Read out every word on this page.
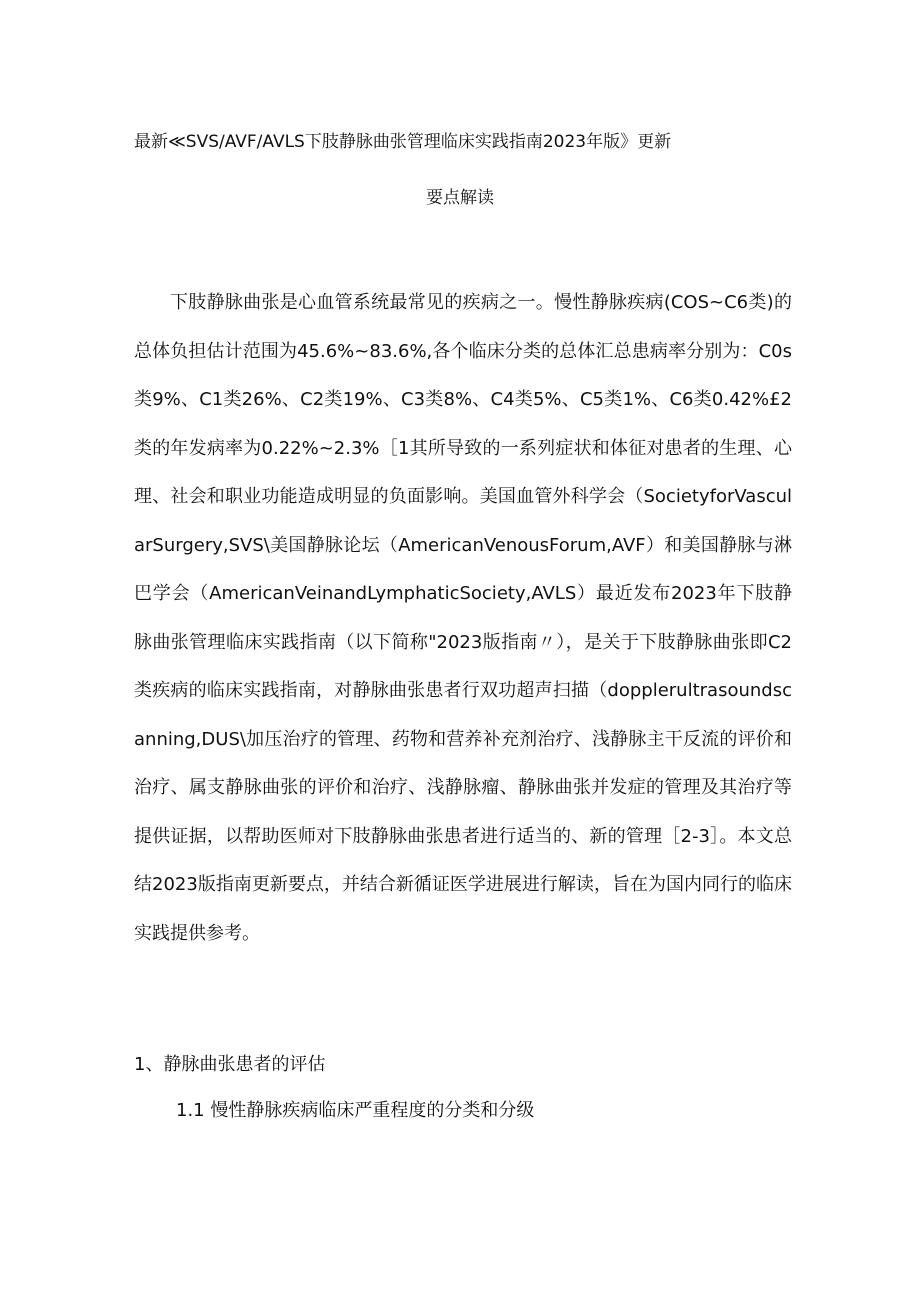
最新≪SVS∕AVF∕AVLS下肢静脉曲张管理临床实践指南2023年版》更新
要点解读

下肢静脉曲张是心血管系统最常见的疾病之一。慢性静脉疾病(COS~C6类)的总体负担估计范围为45.6%~83.6%,各个临床分类的总体汇总患病率分别为：C0s类9%、C1类26%、C2类19%、C3类8%、C4类5%、C5类1%、C6类0.42%£2类的年发病率为0.22%~2.3%［1其所导致的一系列症状和体征对患者的生理、心理、社会和职业功能造成明显的负面影响。美国血管外科学会（SocietyforVascularSurgery,SVS\美国静脉论坛（AmericanVenousForum,AVF）和美国静脉与淋巴学会（AmericanVeinandLymphaticSociety,AVLS）最近发布2023年下肢静脉曲张管理临床实践指南（以下简称"2023版指南〃），是关于下肢静脉曲张即C2类疾病的临床实践指南，对静脉曲张患者行双功超声扫描（dopplerultrasoundscanning,DUS\加压治疗的管理、药物和营养补充剂治疗、浅静脉主干反流的评价和治疗、属支静脉曲张的评价和治疗、浅静脉瘤、静脉曲张并发症的管理及其治疗等提供证据，以帮助医师对下肢静脉曲张患者进行适当的、新的管理［2-3］。本文总结2023版指南更新要点，并结合新循证医学进展进行解读，旨在为国内同行的临床实践提供参考。

1、静脉曲张患者的评估
1.1 慢性静脉疾病临床严重程度的分类和分级
